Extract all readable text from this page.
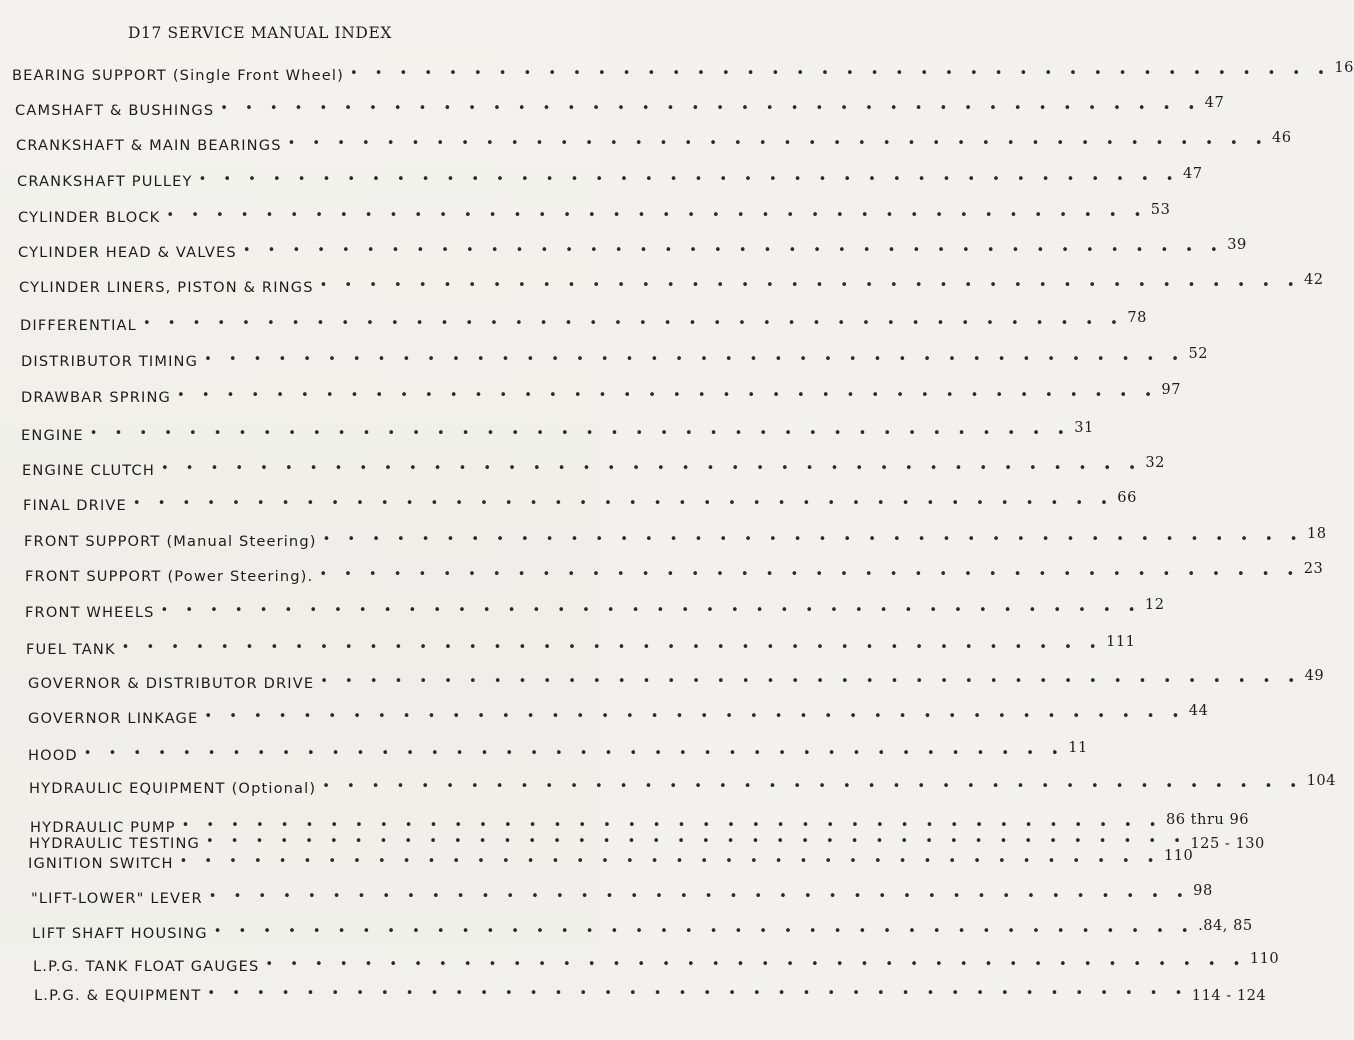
D17 SERVICE MANUAL INDEX
BEARING SUPPORT (Single Front Wheel) • • • • • • • • • • • • • • • • • • • • • • • • • • • • • • • • • • • • • • • • 16
CAMSHAFT & BUSHINGS • • • • • • • • • • • • • • • • • • • • • • • • • • • • • • • • • • • • • • • • 47
CRANKSHAFT & MAIN BEARINGS • • • • • • • • • • • • • • • • • • • • • • • • • • • • • • • • • • • • • • • • 46
CRANKSHAFT PULLEY • • • • • • • • • • • • • • • • • • • • • • • • • • • • • • • • • • • • • • • • 47
CYLINDER BLOCK • • • • • • • • • • • • • • • • • • • • • • • • • • • • • • • • • • • • • • • • 53
CYLINDER HEAD & VALVES • • • • • • • • • • • • • • • • • • • • • • • • • • • • • • • • • • • • • • • • 39
CYLINDER LINERS, PISTON & RINGS • • • • • • • • • • • • • • • • • • • • • • • • • • • • • • • • • • • • • • • • 42
DIFFERENTIAL • • • • • • • • • • • • • • • • • • • • • • • • • • • • • • • • • • • • • • • • 78
DISTRIBUTOR TIMING • • • • • • • • • • • • • • • • • • • • • • • • • • • • • • • • • • • • • • • • 52
DRAWBAR SPRING • • • • • • • • • • • • • • • • • • • • • • • • • • • • • • • • • • • • • • • • 97
ENGINE • • • • • • • • • • • • • • • • • • • • • • • • • • • • • • • • • • • • • • • • 31
ENGINE CLUTCH • • • • • • • • • • • • • • • • • • • • • • • • • • • • • • • • • • • • • • • • 32
FINAL DRIVE • • • • • • • • • • • • • • • • • • • • • • • • • • • • • • • • • • • • • • • • 66
FRONT SUPPORT (Manual Steering) • • • • • • • • • • • • • • • • • • • • • • • • • • • • • • • • • • • • • • • • 18
FRONT SUPPORT (Power Steering). • • • • • • • • • • • • • • • • • • • • • • • • • • • • • • • • • • • • • • • • 23
FRONT WHEELS • • • • • • • • • • • • • • • • • • • • • • • • • • • • • • • • • • • • • • • • 12
FUEL TANK • • • • • • • • • • • • • • • • • • • • • • • • • • • • • • • • • • • • • • • • 111
GOVERNOR & DISTRIBUTOR DRIVE • • • • • • • • • • • • • • • • • • • • • • • • • • • • • • • • • • • • • • • • 49
GOVERNOR LINKAGE • • • • • • • • • • • • • • • • • • • • • • • • • • • • • • • • • • • • • • • • 44
HOOD • • • • • • • • • • • • • • • • • • • • • • • • • • • • • • • • • • • • • • • • 11
HYDRAULIC EQUIPMENT (Optional) • • • • • • • • • • • • • • • • • • • • • • • • • • • • • • • • • • • • • • • • 104
HYDRAULIC PUMP • • • • • • • • • • • • • • • • • • • • • • • • • • • • • • • • • • • • • • • • 86 thru 96
HYDRAULIC TESTING • • • • • • • • • • • • • • • • • • • • • • • • • • • • • • • • • • • • • • • • 125 - 130
IGNITION SWITCH • • • • • • • • • • • • • • • • • • • • • • • • • • • • • • • • • • • • • • • • 110
"LIFT-LOWER" LEVER • • • • • • • • • • • • • • • • • • • • • • • • • • • • • • • • • • • • • • • • 98
LIFT SHAFT HOUSING • • • • • • • • • • • • • • • • • • • • • • • • • • • • • • • • • • • • • • • • .84, 85
L.P.G. TANK FLOAT GAUGES • • • • • • • • • • • • • • • • • • • • • • • • • • • • • • • • • • • • • • • • 110
L.P.G. & EQUIPMENT • • • • • • • • • • • • • • • • • • • • • • • • • • • • • • • • • • • • • • • • 114 - 124
